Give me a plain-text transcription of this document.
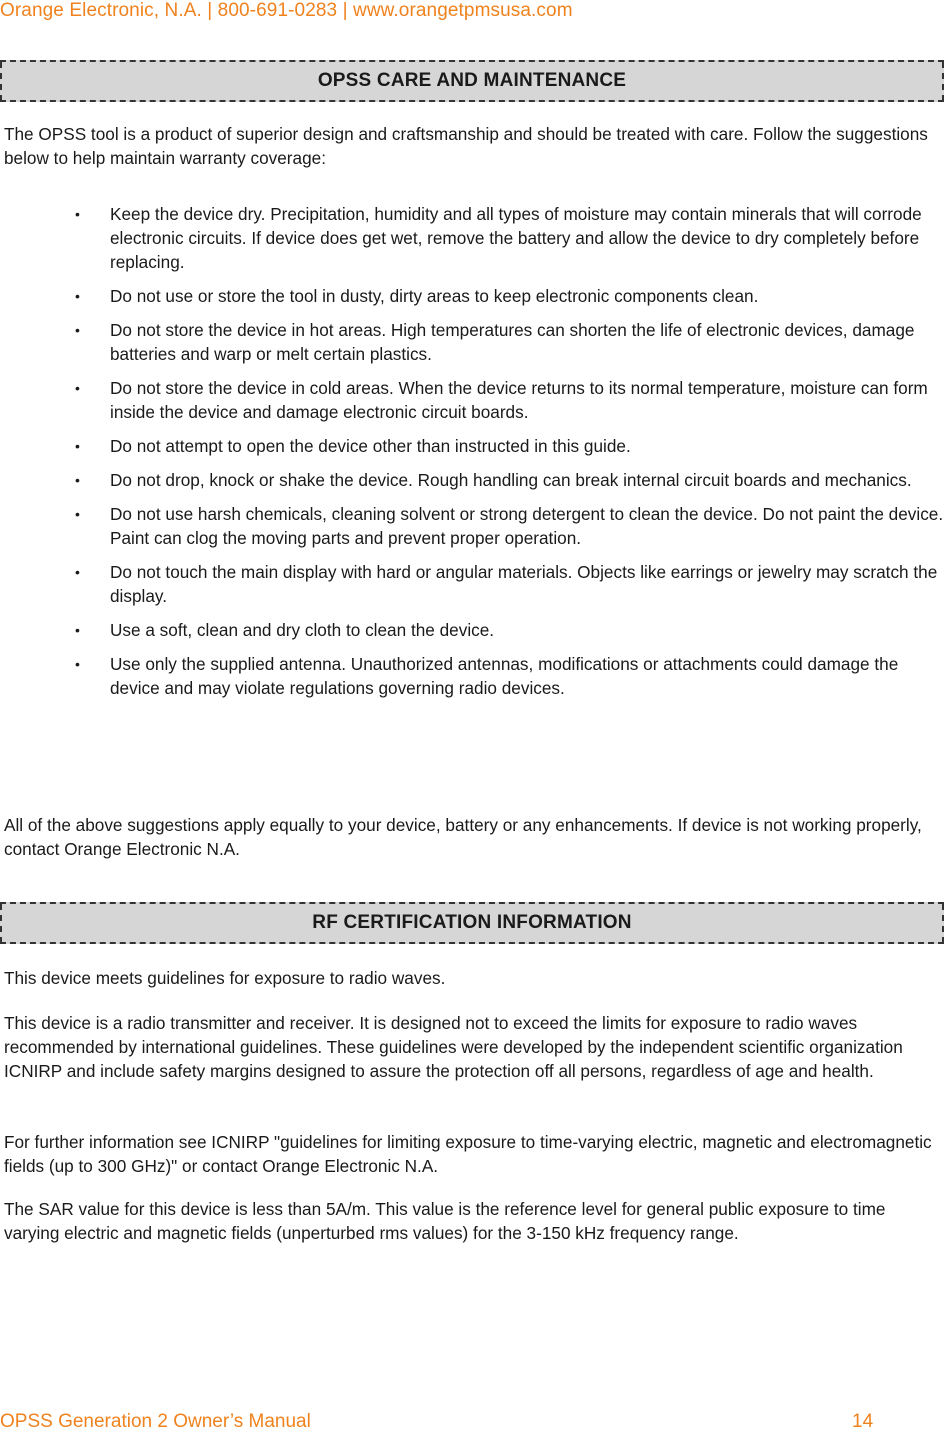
Orange Electronic, N.A. | 800-691-0283 | www.orangetpmsusa.com
OPSS CARE AND MAINTENANCE

The OPSS tool is a product of superior design and craftsmanship and should be treated with care. Follow the suggestions below to help maintain warranty coverage:

• Keep the device dry. Precipitation, humidity and all types of moisture may contain minerals that will corrode electronic circuits. If device does get wet, remove the battery and allow the device to dry completely before replacing.
• Do not use or store the tool in dusty, dirty areas to keep electronic components clean.
• Do not store the device in hot areas. High temperatures can shorten the life of electronic devices, damage batteries and warp or melt certain plastics.
• Do not store the device in cold areas. When the device returns to its normal temperature, moisture can form inside the device and damage electronic circuit boards.
• Do not attempt to open the device other than instructed in this guide.
• Do not drop, knock or shake the device. Rough handling can break internal circuit boards and mechanics.
• Do not use harsh chemicals, cleaning solvent or strong detergent to clean the device. Do not paint the device. Paint can clog the moving parts and prevent proper operation.
• Do not touch the main display with hard or angular materials. Objects like earrings or jewelry may scratch the display.
• Use a soft, clean and dry cloth to clean the device.
• Use only the supplied antenna. Unauthorized antennas, modifications or attachments could damage the device and may violate regulations governing radio devices.

All of the above suggestions apply equally to your device, battery or any enhancements. If device is not working properly, contact Orange Electronic N.A.

RF CERTIFICATION INFORMATION

This device meets guidelines for exposure to radio waves.

This device is a radio transmitter and receiver. It is designed not to exceed the limits for exposure to radio waves recommended by international guidelines. These guidelines were developed by the independent scientific organization ICNIRP and include safety margins designed to assure the protection off all persons, regardless of age and health.

For further information see ICNIRP "guidelines for limiting exposure to time-varying electric, magnetic and electromagnetic fields (up to 300 GHz)" or contact Orange Electronic N.A.

The SAR value for this device is less than 5A/m. This value is the reference level for general public exposure to time varying electric and magnetic fields (unperturbed rms values) for the 3-150 kHz frequency range.

OPSS Generation 2 Owner’s Manual	14
